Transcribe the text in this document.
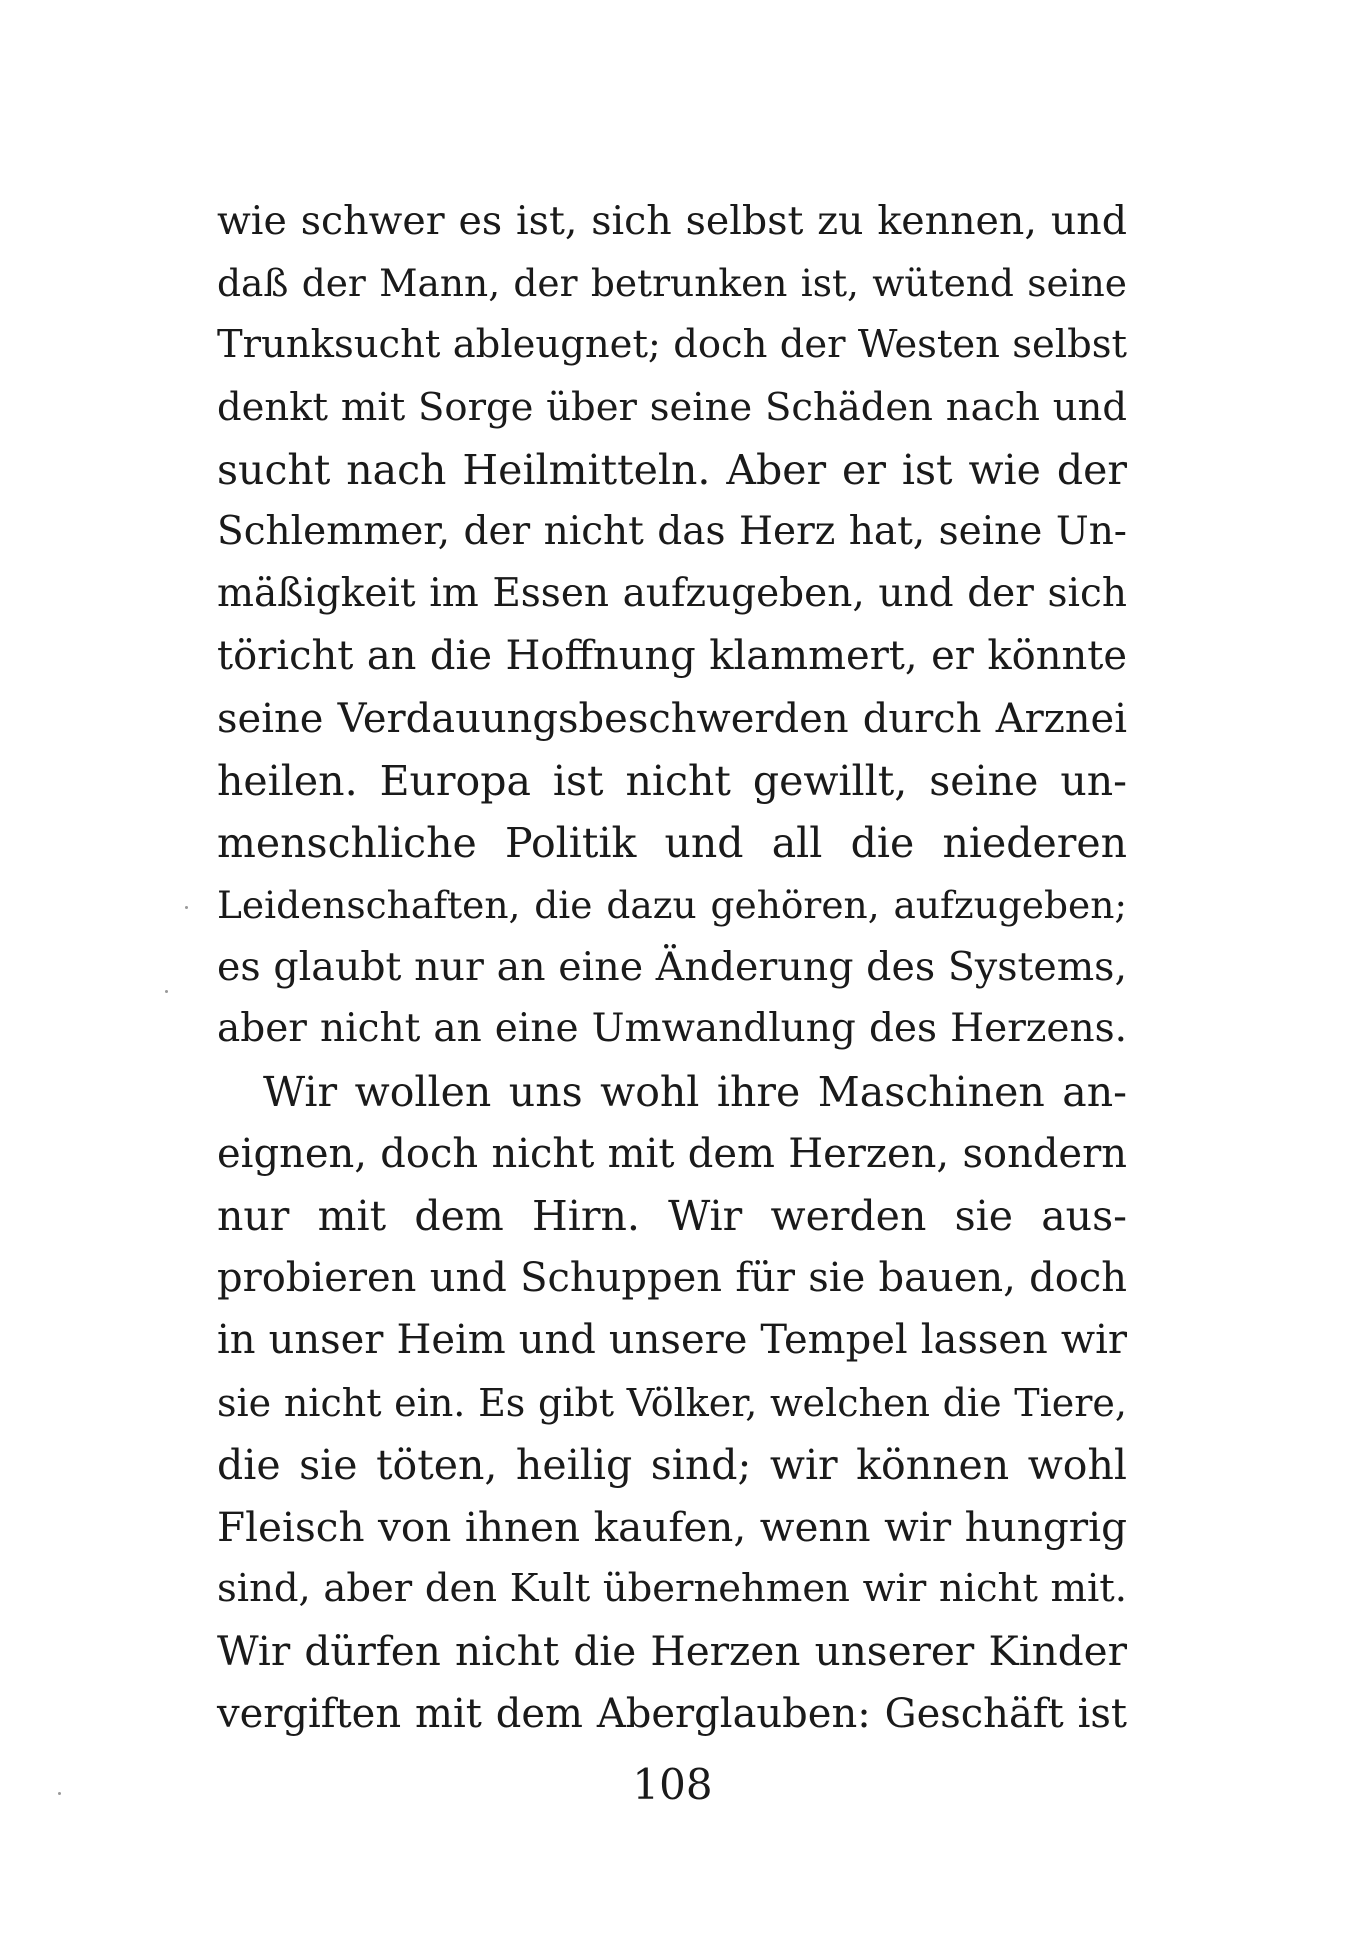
wie schwer es ist, sich selbst zu kennen, und
daß der Mann, der betrunken ist, wütend seine
Trunksucht ableugnet; doch der Westen selbst
denkt mit Sorge über seine Schäden nach und
sucht nach Heilmitteln. Aber er ist wie der
Schlemmer, der nicht das Herz hat, seine Un-
mäßigkeit im Essen aufzugeben, und der sich
töricht an die Hoffnung klammert, er könnte
seine Verdauungsbeschwerden durch Arznei
heilen. Europa ist nicht gewillt, seine un-
menschliche Politik und all die niederen
Leidenschaften, die dazu gehören, aufzugeben;
es glaubt nur an eine Änderung des Systems,
aber nicht an eine Umwandlung des Herzens.
Wir wollen uns wohl ihre Maschinen an-
eignen, doch nicht mit dem Herzen, sondern
nur mit dem Hirn. Wir werden sie aus-
probieren und Schuppen für sie bauen, doch
in unser Heim und unsere Tempel lassen wir
sie nicht ein. Es gibt Völker, welchen die Tiere,
die sie töten, heilig sind; wir können wohl
Fleisch von ihnen kaufen, wenn wir hungrig
sind, aber den Kult übernehmen wir nicht mit.
Wir dürfen nicht die Herzen unserer Kinder
vergiften mit dem Aberglauben: Geschäft ist
108
